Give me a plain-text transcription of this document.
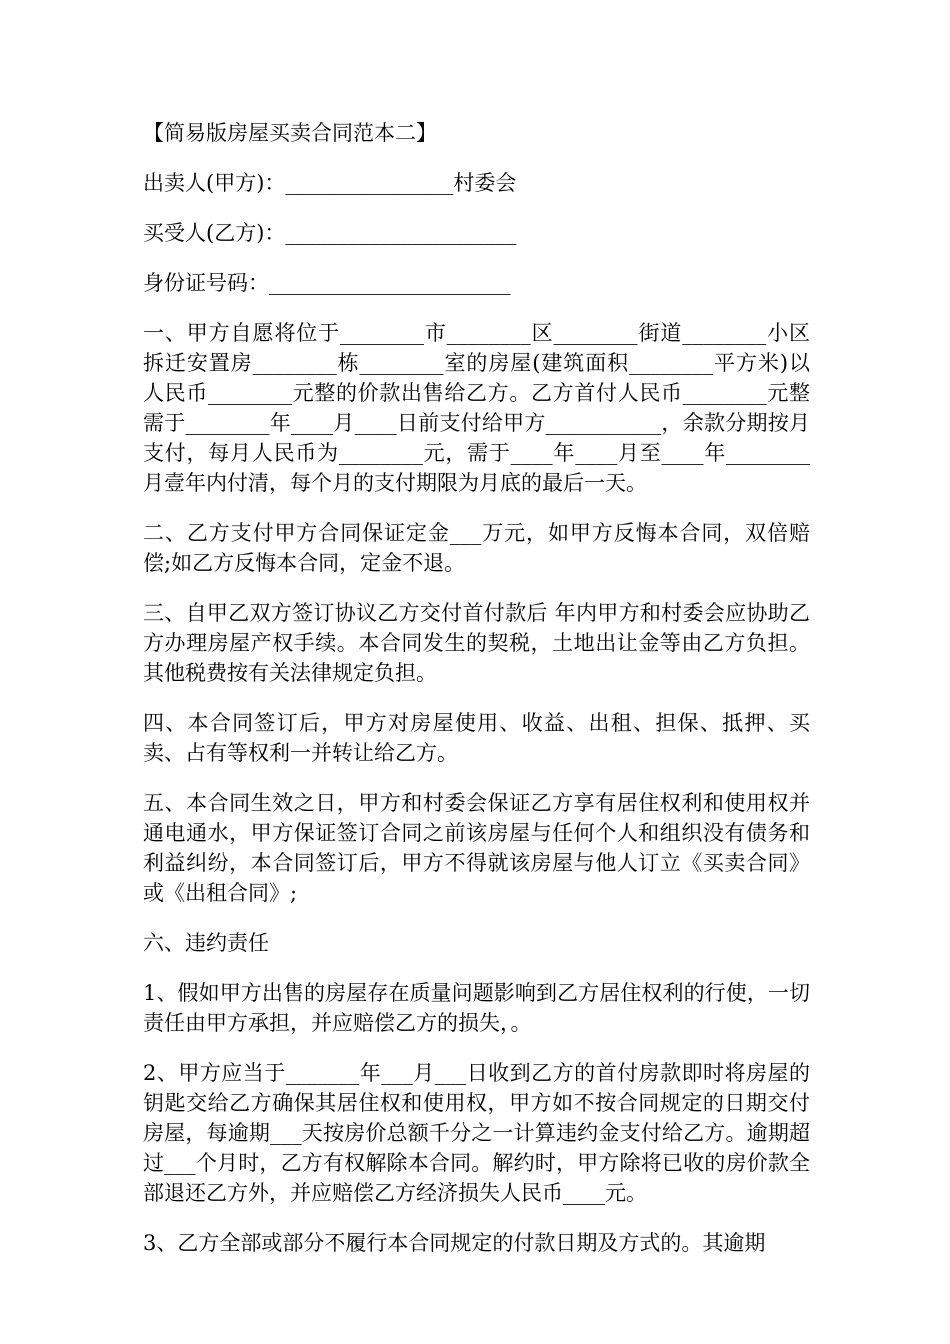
【简易版房屋买卖合同范本二】

出卖人(甲方)：________________村委会

买受人(乙方)：______________________

身份证号码：_______________________

一、甲方自愿将位于________市________区________街道________小区拆迁安置房________栋________室的房屋(建筑面积________平方米)以人民币________元整的价款出售给乙方。乙方首付人民币________元整需于________年____月____日前支付给甲方___________，余款分期按月支付，每月人民币为________元，需于____年____月至____年________月壹年内付清，每个月的支付期限为月底的最后一天。

二、乙方支付甲方合同保证定金___万元，如甲方反悔本合同，双倍赔偿;如乙方反悔本合同，定金不退。

三、自甲乙双方签订协议乙方交付首付款后 年内甲方和村委会应协助乙方办理房屋产权手续。本合同发生的契税，土地出让金等由乙方负担。其他税费按有关法律规定负担。

四、本合同签订后，甲方对房屋使用、收益、出租、担保、抵押、买卖、占有等权利一并转让给乙方。

五、本合同生效之日，甲方和村委会保证乙方享有居住权利和使用权并通电通水，甲方保证签订合同之前该房屋与任何个人和组织没有债务和利益纠纷，本合同签订后，甲方不得就该房屋与他人订立《买卖合同》或《出租合同》;

六、违约责任

1、假如甲方出售的房屋存在质量问题影响到乙方居住权利的行使，一切责任由甲方承担，并应赔偿乙方的损失，。

2、甲方应当于_______年___月___日收到乙方的首付房款即时将房屋的钥匙交给乙方确保其居住权和使用权，甲方如不按合同规定的日期交付房屋，每逾期___天按房价总额千分之一计算违约金支付给乙方。逾期超过___个月时，乙方有权解除本合同。解约时，甲方除将已收的房价款全部退还乙方外，并应赔偿乙方经济损失人民币____元。

3、乙方全部或部分不履行本合同规定的付款日期及方式的。其逾期
